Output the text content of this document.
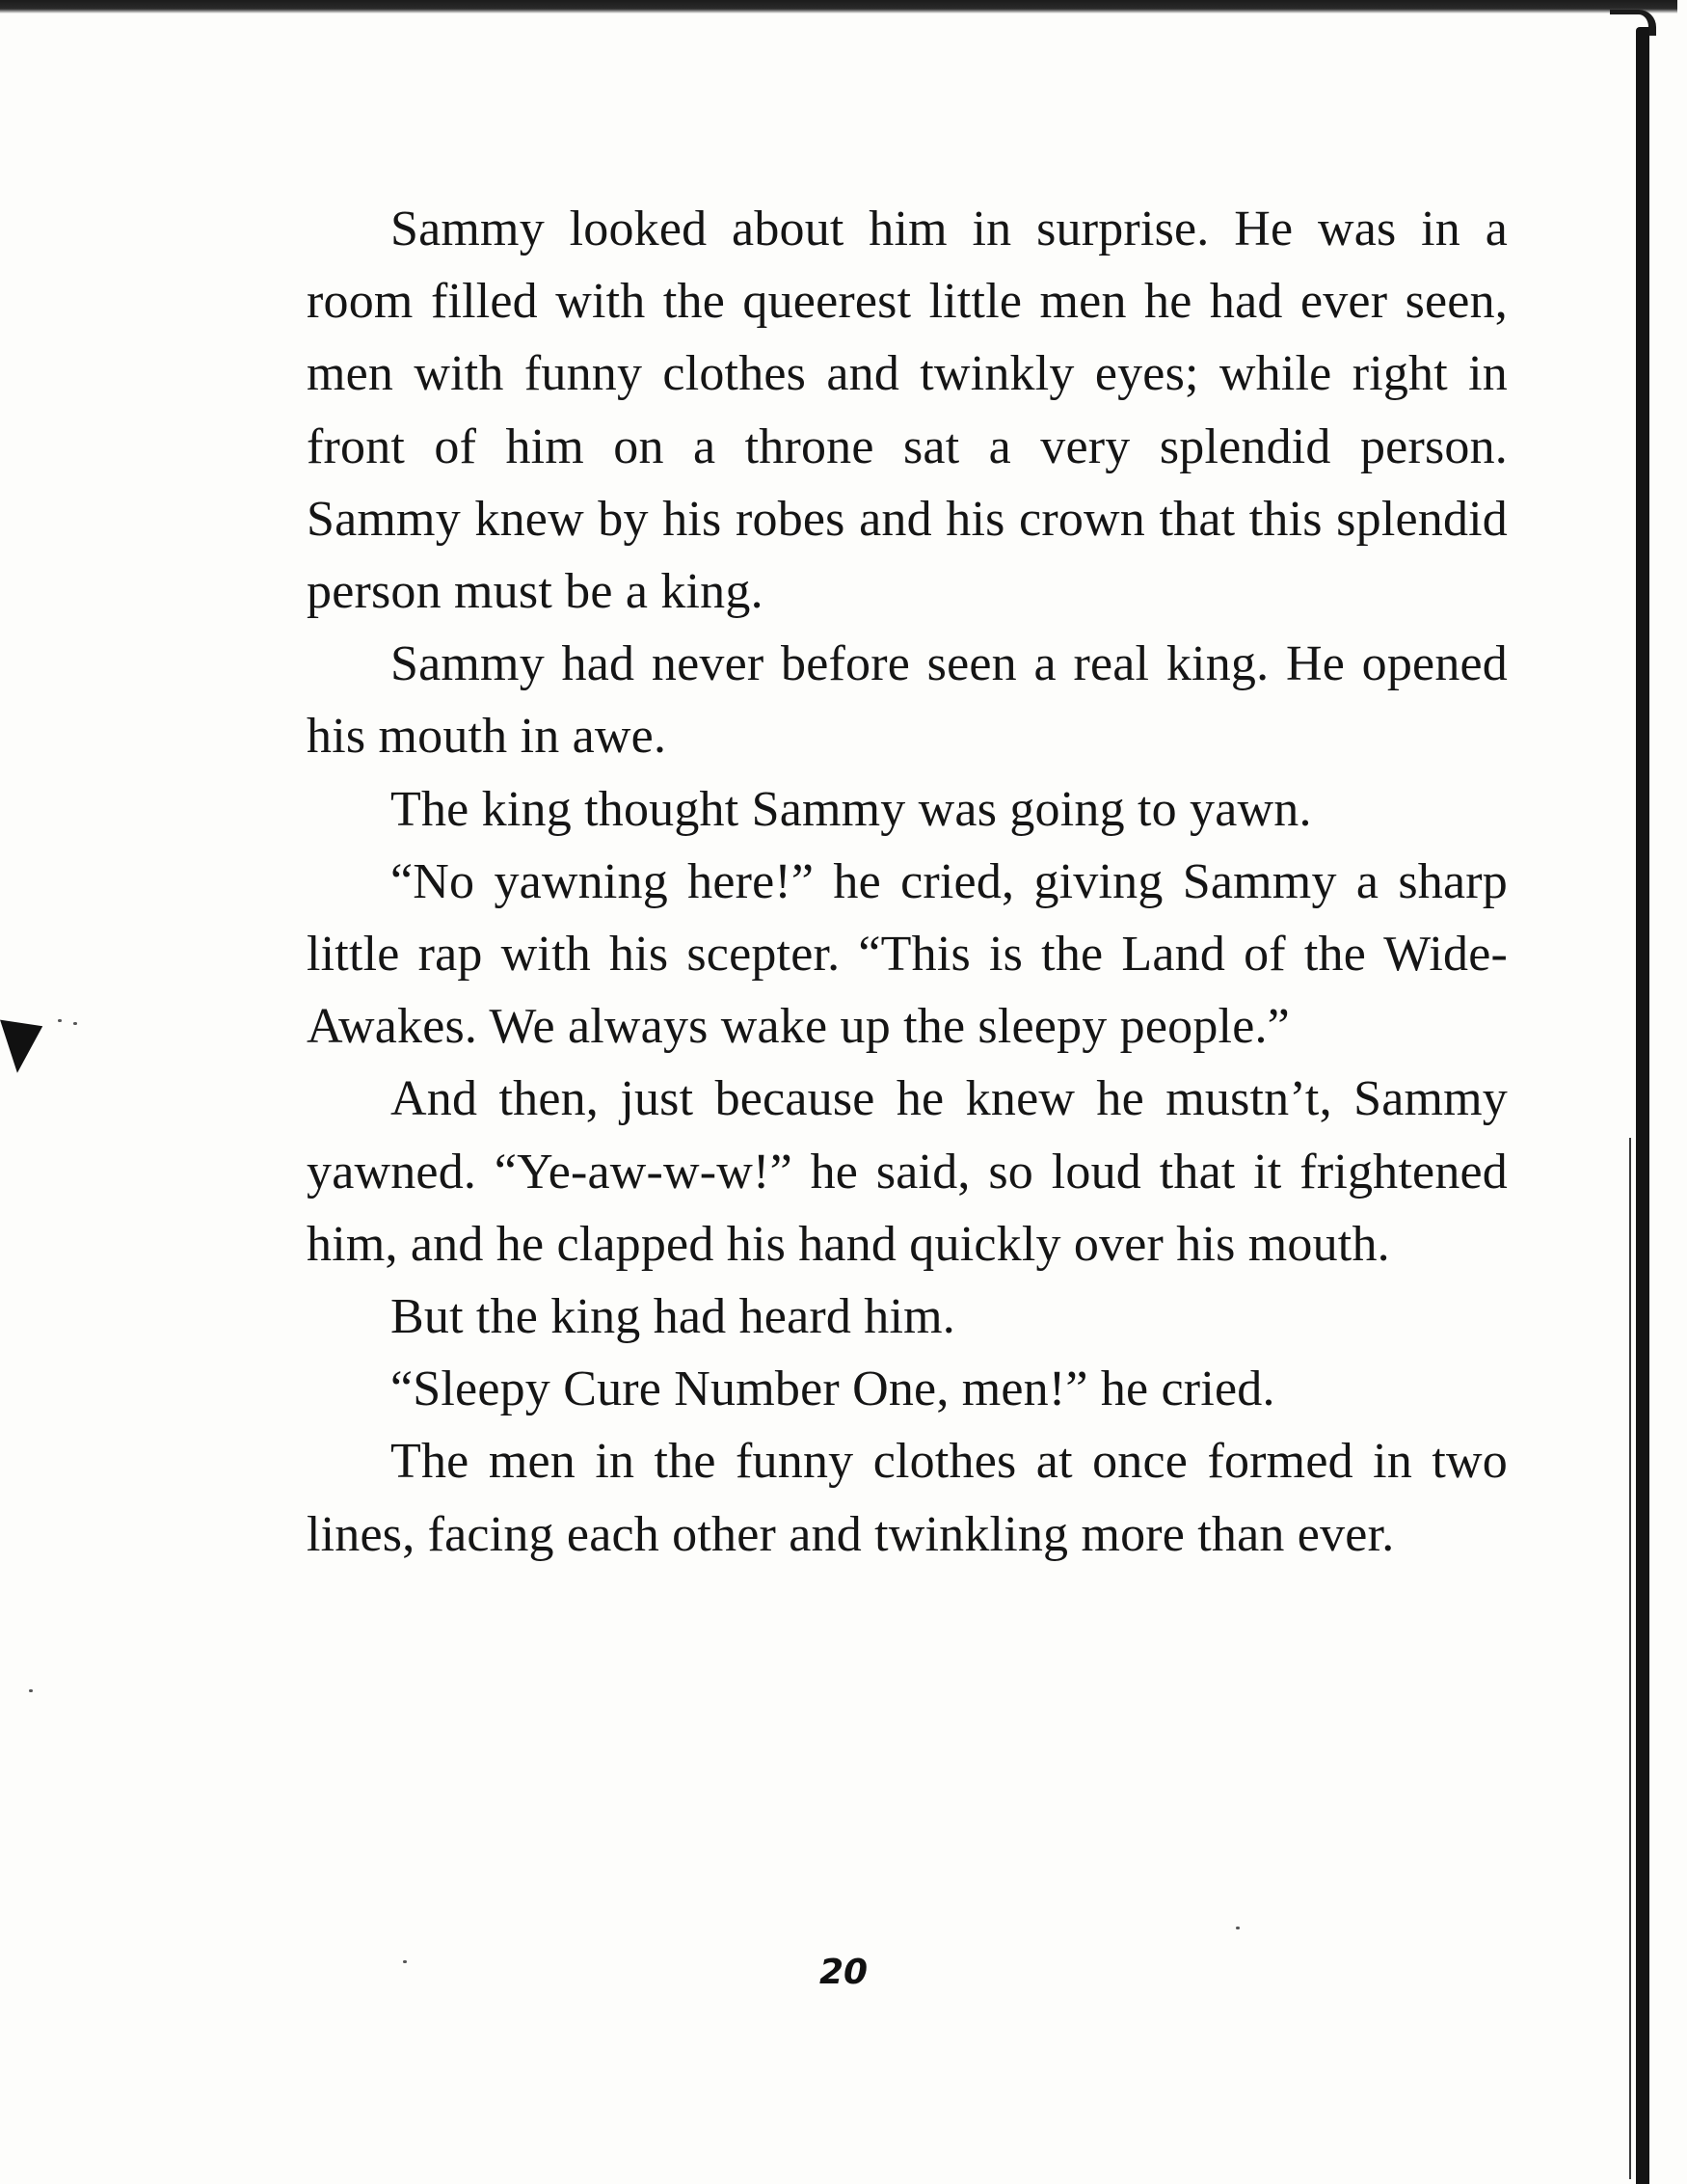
Sammy looked about him in surprise. He was in a room filled with the queerest little men he had ever seen, men with funny clothes and twinkly eyes; while right in front of him on a throne sat a very splendid person. Sammy knew by his robes and his crown that this splendid person must be a king.

Sammy had never before seen a real king. He opened his mouth in awe.

The king thought Sammy was going to yawn.

“No yawning here!” he cried, giving Sammy a sharp little rap with his scepter. “This is the Land of the Wide-Awakes. We always wake up the sleepy people.”

And then, just because he knew he mustn’t, Sammy yawned. “Ye-aw-w-w!” he said, so loud that it frightened him, and he clapped his hand quickly over his mouth.

But the king had heard him.

“Sleepy Cure Number One, men!” he cried.

The men in the funny clothes at once formed in two lines, facing each other and twinkling more than ever.

20
